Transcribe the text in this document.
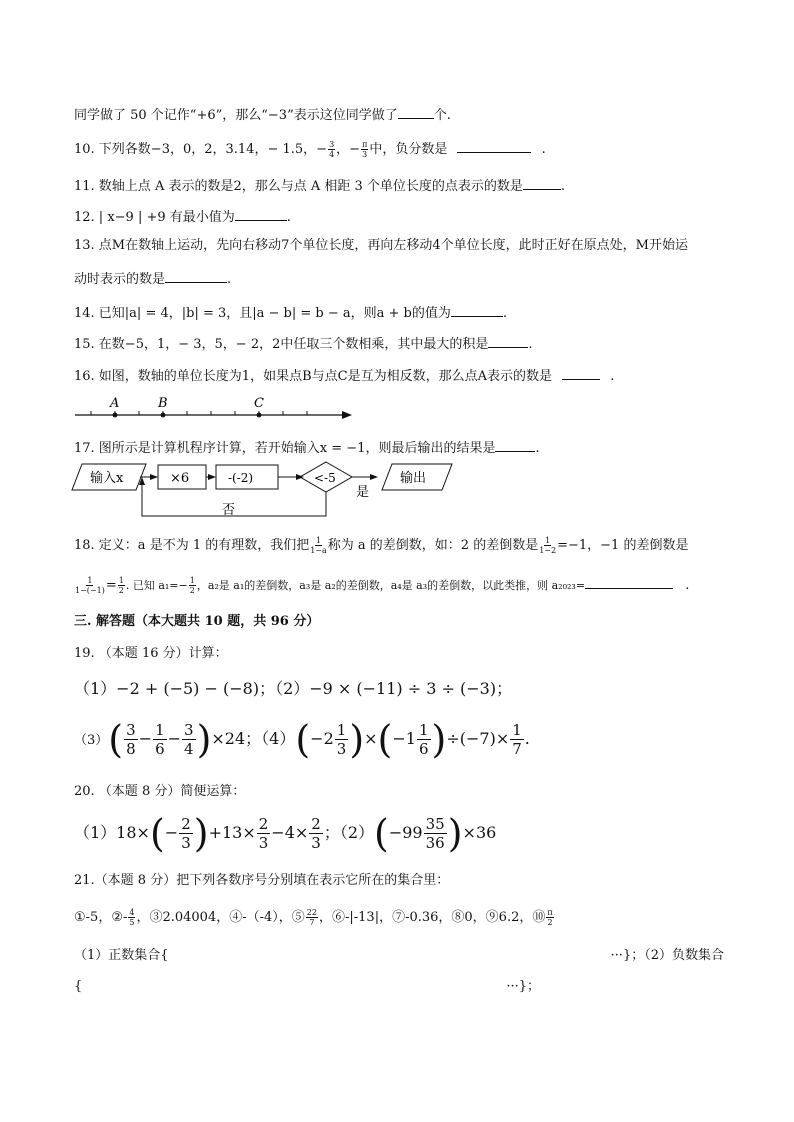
同学做了 50 个记作“+6”，那么“−3”表示这位同学做了	个.
10. 下列各数−3，0，2，3.14，− 1.5，− $\frac{3}{4}$ ，− $\frac{\pi}{3}$ 中，负分数是	.
11. 数轴上点 A 表示的数是2，那么与点 A 相距 3 个单位长度的点表示的数是	.
12. | x−9 | +9 有最小值为	.
13. 点M在数轴上运动，先向右移动7个单位长度，再向左移动4个单位长度，此时正好在原点处，M开始运
动时表示的数是	.
14. 已知|a| = 4，|b| = 3，且|a − b| = b − a，则a + b的值为	.
15. 在数−5，1，− 3，5，− 2，2中任取三个数相乘，其中最大的积是	.
16. 如图，数轴的单位长度为1，如果点B与点C是互为相反数，那么点A表示的数是	.
A	B	C
17. 图所示是计算机程序计算，若开始输入x = −1，则最后输出的结果是	.
输入x	×6	-(-2)	<-5
是
输出
否
18. 定义：a 是不为 1 的有理数，我们把 $\frac{1}{1-a}$ 称为 a 的差倒数，如：2 的差倒数是 $\frac{1}{1-2} =-1$，−1 的差倒数是
$\frac{1}{1-(-1)} = \frac{1}{2}$ . 已知 $a_1=- \frac{1}{2}$ ，a₂是 a₁的差倒数，a₃是 a₂的差倒数，a₄是 a₃的差倒数，以此类推，则 a₂₀₂₃=	.
三. 解答题（本大题共 10 题，共 96 分）
19. （本题 16 分）计算：
（1）−2 + (−5) − (−8)；（2）−9 × (−11) ÷ 3 ÷ (−3)；
$(3)( \frac{3}{8} - \frac{1}{6} - \frac{3}{4} )\times 24$；$(4)(-2 \frac{1}{3} )\times(-1 \frac{1}{6} )\div(-7)\times \frac{1}{7}$ .
20. （本题 8 分）简便运算：
$(1)18\times(- \frac{2}{3} )+13\times \frac{2}{3} -4\times \frac{2}{3}$ ；$(2)(-99 \frac{35}{36} )\times 36$
21.（本题 8 分）把下列各数序号分别填在表示它所在的集合里：
①-5，②- $\frac{4}{5}$ ，③2.04004，④-（-4），⑤ $\frac{22}{7}$ ，⑥-|-13|，⑦-0.36，⑧0，⑨6.2，⑩ $\frac{\pi}{2}$
（1）正数集合{	···}；（2）负数集合
{	···}；
